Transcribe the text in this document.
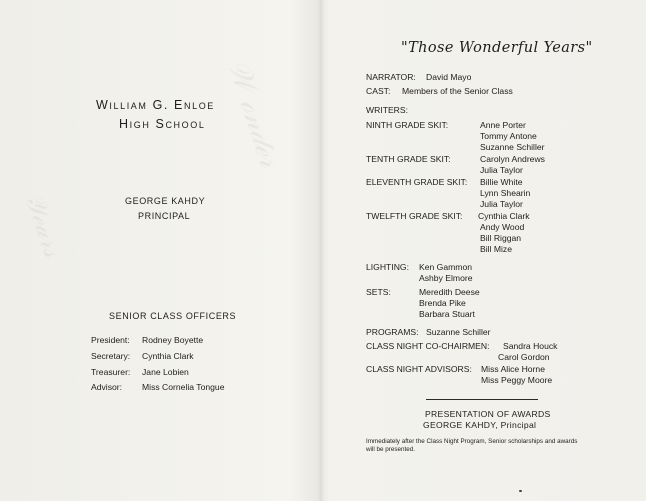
𝒲 ℴ𝓃𝒹ℯ𝓇
𝒴ℯ𝒶𝓇𝓈
William G. Enloe
High School
GEORGE KAHDY
PRINCIPAL
SENIOR CLASS OFFICERS
President: Rodney Boyette
Secretary: Cynthia Clark
Treasurer: Jane Lobien
Advisor: Miss Cornelia Tongue
"Those Wonderful Years"
NARRATOR: David Mayo
CAST: Members of the Senior Class
WRITERS:
NINTH GRADE SKIT:	Anne Porter
Tommy Antone
Suzanne Schiller
TENTH GRADE SKIT:	Carolyn Andrews
Julia Taylor
ELEVENTH GRADE SKIT: Billie White
Lynn Shearin
Julia Taylor
TWELFTH GRADE SKIT: Cynthia Clark
Andy Wood
Bill Riggan
Bill Mize
LIGHTING: Ken Gammon
Ashby Elmore
SETS:	Meredith Deese
Brenda Pike
Barbara Stuart
PROGRAMS: Suzanne Schiller
CLASS NIGHT CO-CHAIRMEN: Sandra Houck
Carol Gordon
CLASS NIGHT ADVISORS: Miss Alice Horne
Miss Peggy Moore
PRESENTATION OF AWARDS
GEORGE KAHDY, Principal
Immediately after the Class Night Program, Senior scholarships and awards
will be presented.
